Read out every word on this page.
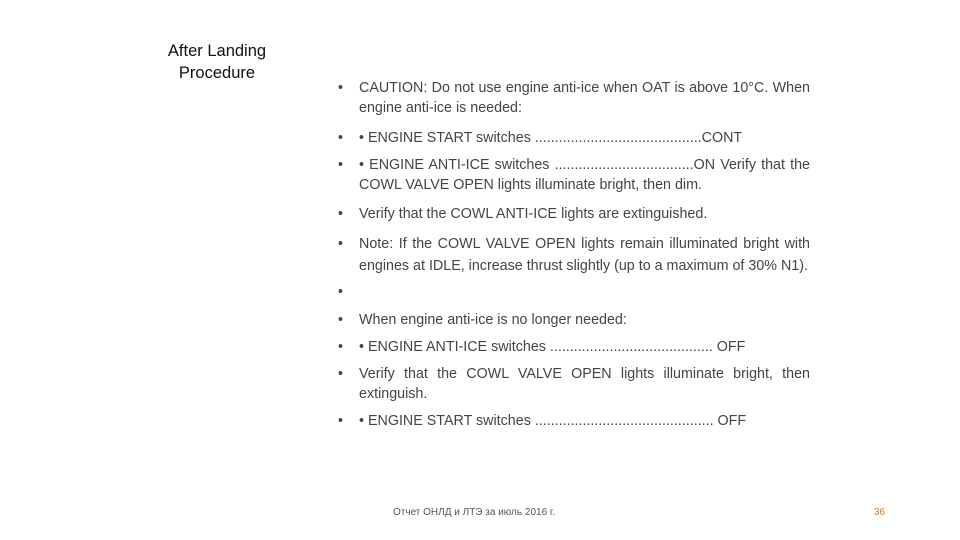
After Landing
Procedure
• CAUTION: Do not use engine anti-ice when OAT is above 10°C. When engine anti-ice is needed:
• • ENGINE START switches ..........................................CONT
• • ENGINE ANTI-ICE switches ...................................ON Verify that the COWL VALVE OPEN lights illuminate bright, then dim.
• Verify that the COWL ANTI-ICE lights are extinguished.
• Note: If the COWL VALVE OPEN lights remain illuminated bright with engines at IDLE, increase thrust slightly (up to a maximum of 30% N1).
•
• When engine anti-ice is no longer needed:
• • ENGINE ANTI-ICE switches ......................................... OFF
• Verify that the COWL VALVE OPEN lights illuminate bright, then extinguish.
• • ENGINE START switches ............................................. OFF
Отчет ОНЛД и ЛТЭ за июль 2016 г.	36
